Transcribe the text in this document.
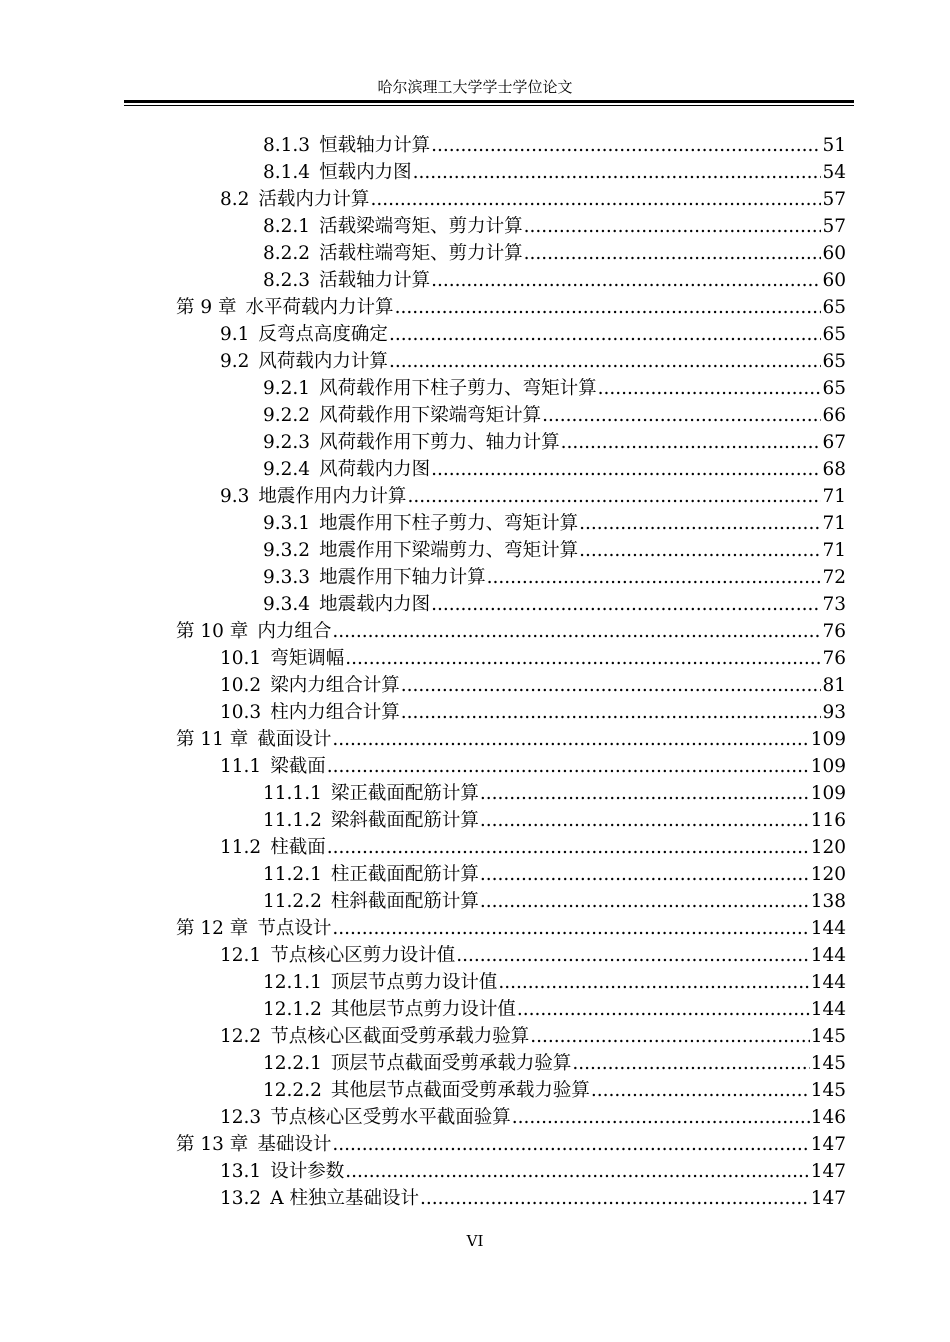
哈尔滨理工大学学士学位论文
8.1.3 恒载轴力计算 .....	51
8.1.4 恒载内力图 .....	54
8.2 活载内力计算 .....	57
8.2.1 活载梁端弯矩、剪力计算 .....	57
8.2.2 活载柱端弯矩、剪力计算 .....	60
8.2.3 活载轴力计算 .....	60
第 9 章 水平荷载内力计算 .....	65
9.1 反弯点高度确定 .....	65
9.2 风荷载内力计算 .....	65
9.2.1 风荷载作用下柱子剪力、弯矩计算 .....	65
9.2.2 风荷载作用下梁端弯矩计算 .....	66
9.2.3 风荷载作用下剪力、轴力计算 .....	67
9.2.4 风荷载内力图 .....	68
9.3 地震作用内力计算 .....	71
9.3.1 地震作用下柱子剪力、弯矩计算 .....	71
9.3.2 地震作用下梁端剪力、弯矩计算 .....	71
9.3.3 地震作用下轴力计算 .....	72
9.3.4 地震载内力图 .....	73
第 10 章 内力组合 .....	76
10.1 弯矩调幅 .....	76
10.2 梁内力组合计算 .....	81
10.3 柱内力组合计算 .....	93
第 11 章 截面设计 .....	109
11.1 梁截面 .....	109
11.1.1 梁正截面配筋计算 .....	109
11.1.2 梁斜截面配筋计算 .....	116
11.2 柱截面 .....	120
11.2.1 柱正截面配筋计算 .....	120
11.2.2 柱斜截面配筋计算 .....	138
第 12 章 节点设计 .....	144
12.1 节点核心区剪力设计值 .....	144
12.1.1 顶层节点剪力设计值 .....	144
12.1.2 其他层节点剪力设计值 .....	144
12.2 节点核心区截面受剪承载力验算 .....	145
12.2.1 顶层节点截面受剪承载力验算 .....	145
12.2.2 其他层节点截面受剪承载力验算 .....	145
12.3 节点核心区受剪水平截面验算 .....	146
第 13 章 基础设计 .....	147
13.1 设计参数 .....	147
13.2 A 柱独立基础设计 .....	147
VI
